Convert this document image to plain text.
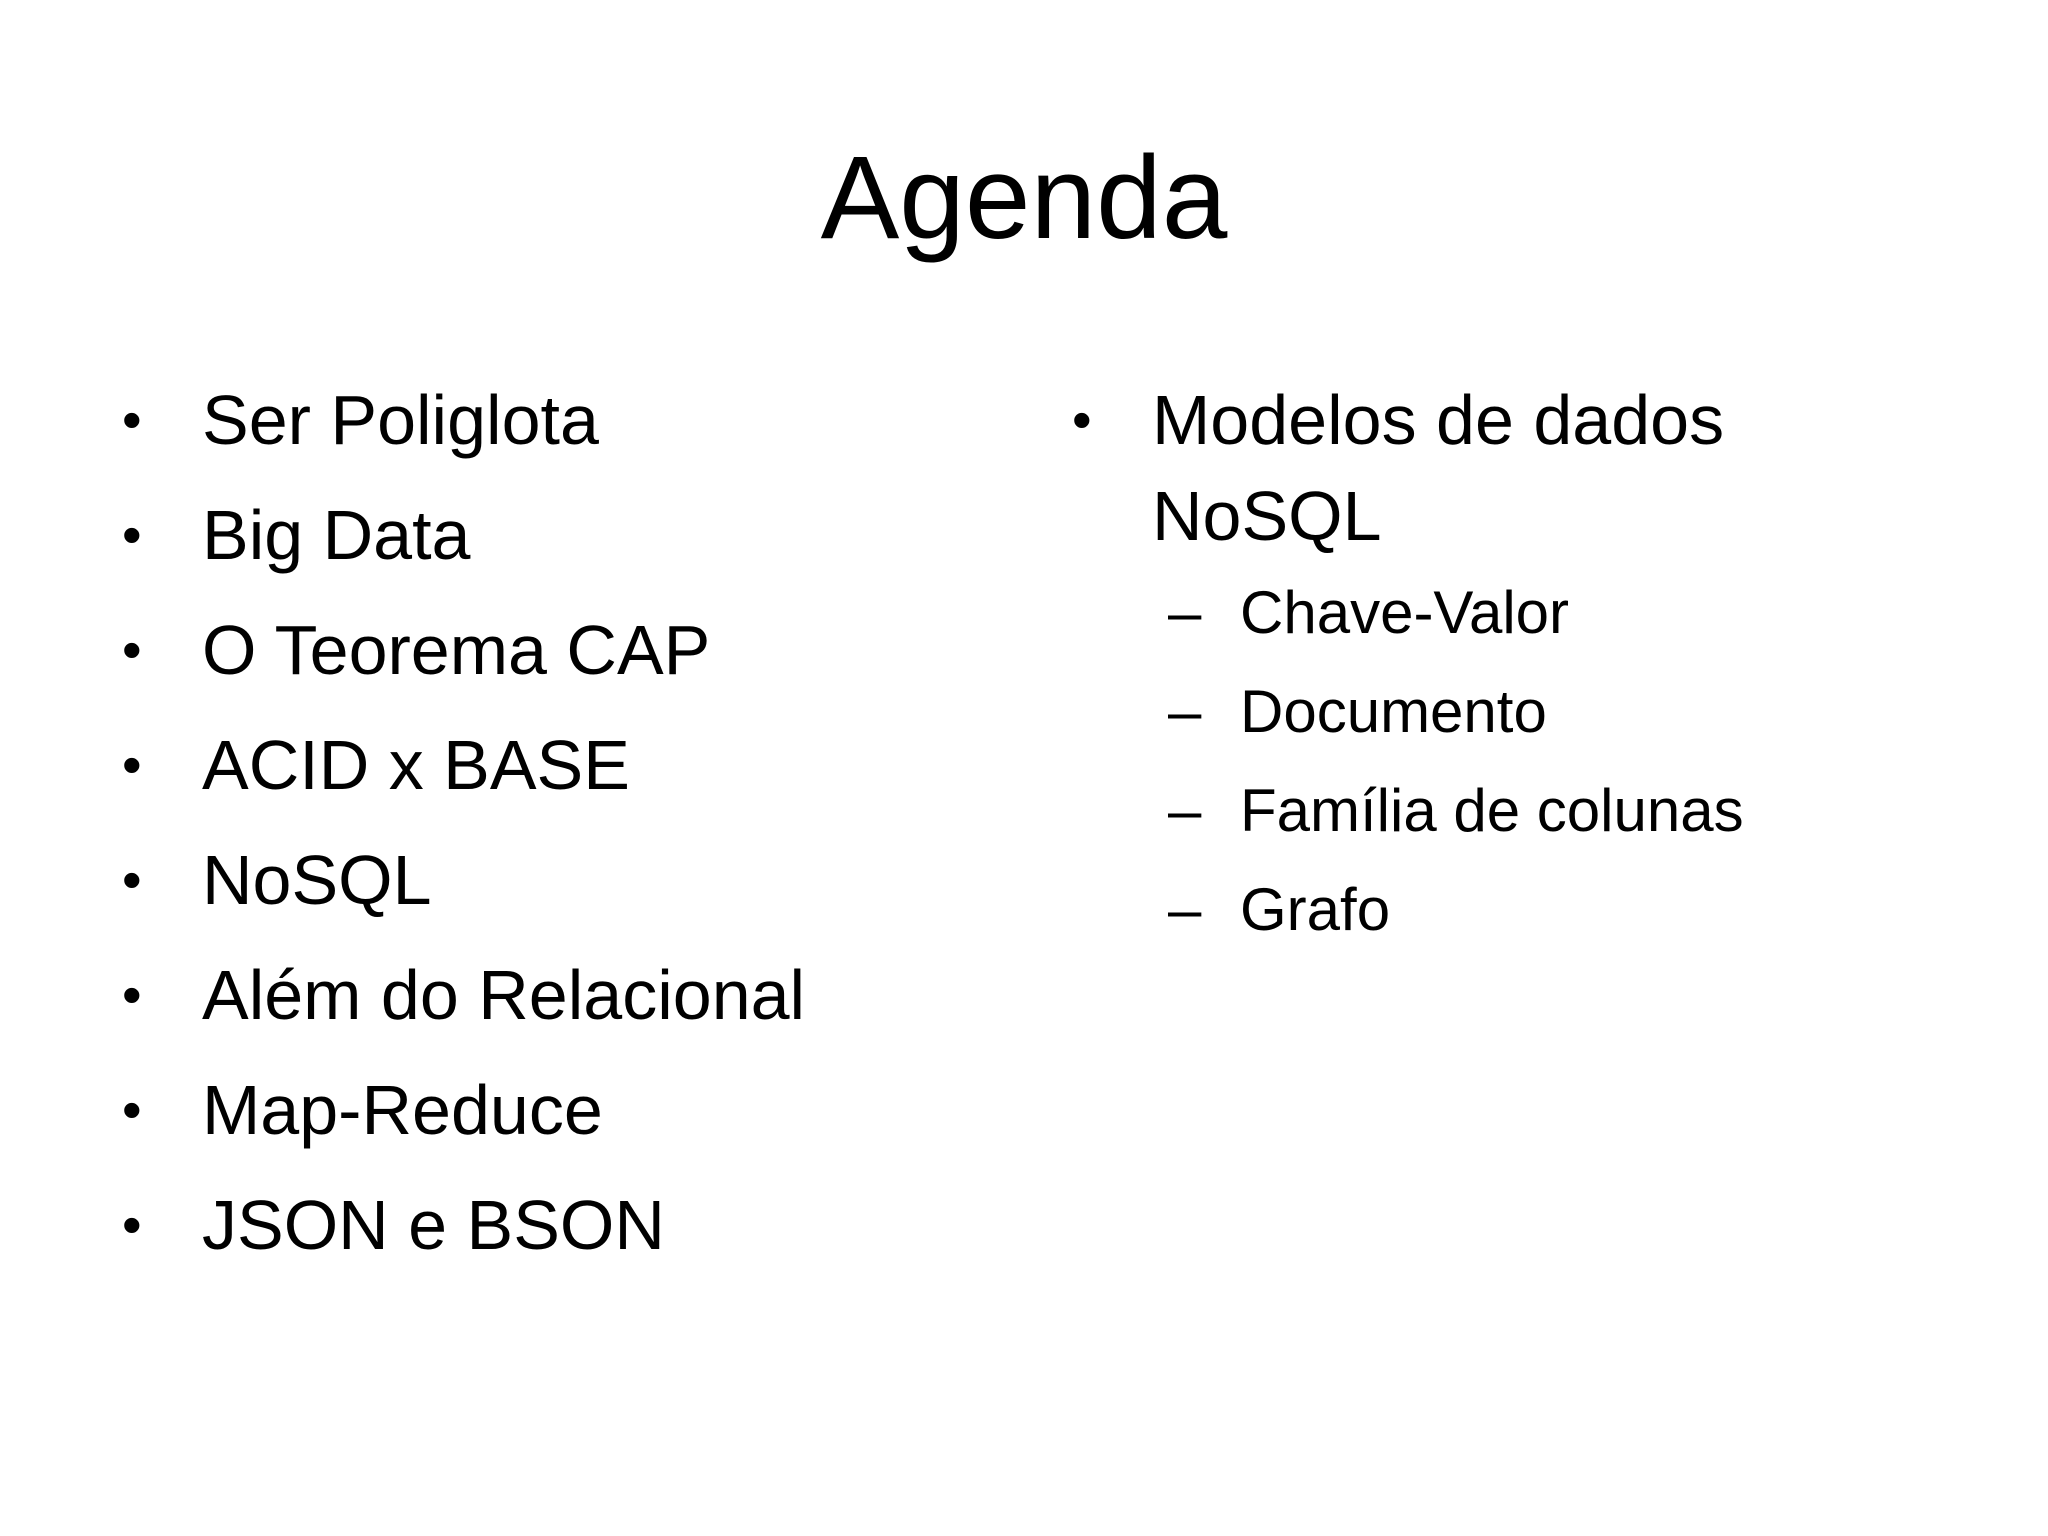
Agenda
• Ser Poliglota
• Big Data
• O Teorema CAP
• ACID x BASE
• NoSQL
• Além do Relacional
• Map-Reduce
• JSON e BSON
• Modelos de dados NoSQL
– Chave-Valor
– Documento
– Família de colunas
– Grafo
